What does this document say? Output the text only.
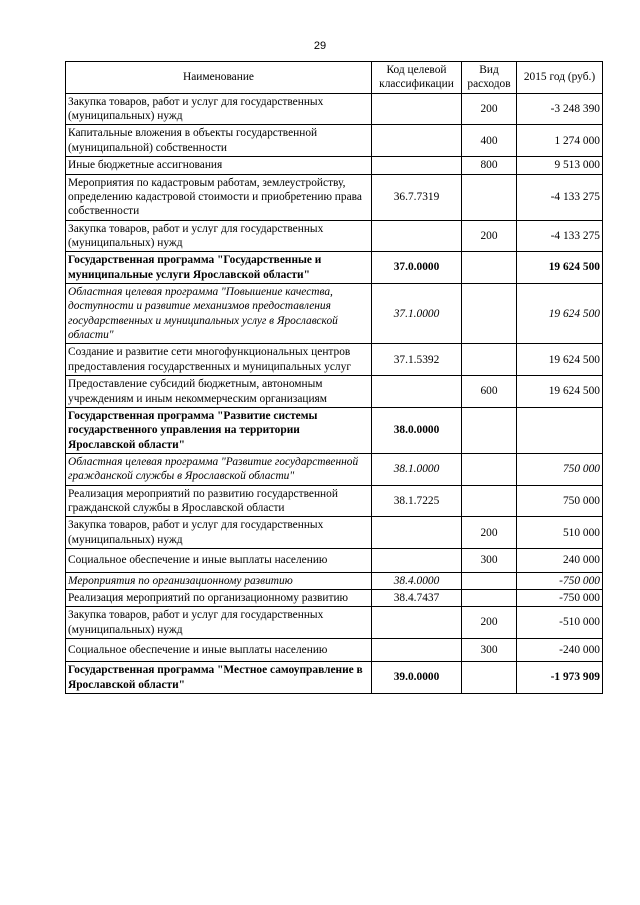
29
Наименование	Код целевой классификации	Вид расходов	2015 год (руб.)
Закупка товаров, работ и услуг для государственных (муниципальных) нужд		200	-3 248 390
Капитальные вложения в объекты государственной (муниципальной) собственности		400	1 274 000
Иные бюджетные ассигнования		800	9 513 000
Мероприятия по кадастровым работам, землеустройству, определению кадастровой стоимости и приобретению права собственности	36.7.7319		-4 133 275
Закупка товаров, работ и услуг для государственных (муниципальных) нужд		200	-4 133 275
Государственная программа "Государственные и муниципальные услуги Ярославской области"	37.0.0000		19 624 500
Областная целевая программа "Повышение качества, доступности и развитие механизмов предоставления государственных и муниципальных услуг в Ярославской области"	37.1.0000		19 624 500
Создание и развитие сети многофункциональных центров предоставления государственных и муниципальных услуг	37.1.5392		19 624 500
Предоставление субсидий бюджетным, автономным учреждениям и иным некоммерческим организациям		600	19 624 500
Государственная программа "Развитие системы государственного управления на территории Ярославской области"	38.0.0000		
Областная целевая программа "Развитие государственной гражданской службы в Ярославской области"	38.1.0000		750 000
Реализация мероприятий по развитию государственной гражданской службы в Ярославской области	38.1.7225		750 000
Закупка товаров, работ и услуг для государственных (муниципальных) нужд		200	510 000
Социальное обеспечение и иные выплаты населению		300	240 000
Мероприятия по организационному развитию	38.4.0000		-750 000
Реализация мероприятий по организационному развитию	38.4.7437		-750 000
Закупка товаров, работ и услуг для государственных (муниципальных) нужд		200	-510 000
Социальное обеспечение и иные выплаты населению		300	-240 000
Государственная программа "Местное самоуправление в Ярославской области"	39.0.0000		-1 973 909
